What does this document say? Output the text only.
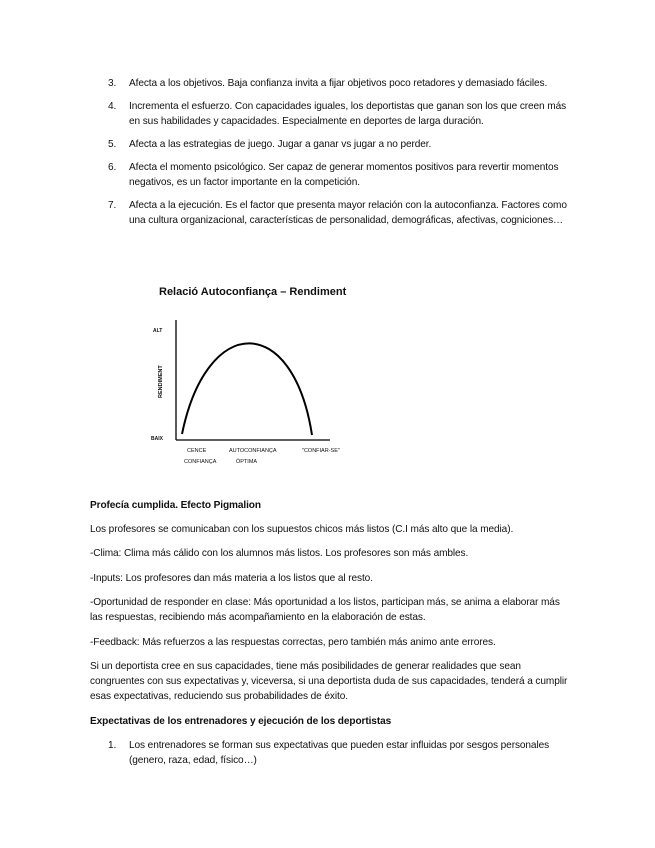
3. Afecta a los objetivos. Baja confianza invita a fijar objetivos poco retadores y demasiado fáciles.
4. Incrementa el esfuerzo. Con capacidades iguales, los deportistas que ganan son los que creen más en sus habilidades y capacidades. Especialmente en deportes de larga duración.
5. Afecta a las estrategias de juego. Jugar a ganar vs jugar a no perder.
6. Afecta el momento psicológico. Ser capaz de generar momentos positivos para revertir momentos negativos, es un factor importante en la competición.
7. Afecta a la ejecución. Es el factor que presenta mayor relación con la autoconfianza. Factores como una cultura organizacional, características de personalidad, demográficas, afectivas, cogniciones…
Relació Autoconfiança – Rendiment
ALT
BAIX
RENDIMENT
CENCE
CONFIANÇA
AUTOCONFIANÇA
ÒPTIMA
"CONFIAR-SE"

Profecía cumplida. Efecto Pigmalion

Los profesores se comunicaban con los supuestos chicos más listos (C.I más alto que la media).

-Clima: Clima más cálido con los alumnos más listos. Los profesores son más ambles.

-Inputs: Los profesores dan más materia a los listos que al resto.

-Oportunidad de responder en clase: Más oportunidad a los listos, participan más, se anima a elaborar más las respuestas, recibiendo más acompañamiento en la elaboración de estas.

-Feedback: Más refuerzos a las respuestas correctas, pero también más animo ante errores.

Si un deportista cree en sus capacidades, tiene más posibilidades de generar realidades que sean congruentes con sus expectativas y, viceversa, si una deportista duda de sus capacidades, tenderá a cumplir esas expectativas, reduciendo sus probabilidades de éxito.

Expectativas de los entrenadores y ejecución de los deportistas

1. Los entrenadores se forman sus expectativas que pueden estar influidas por sesgos personales (genero, raza, edad, físico…)
